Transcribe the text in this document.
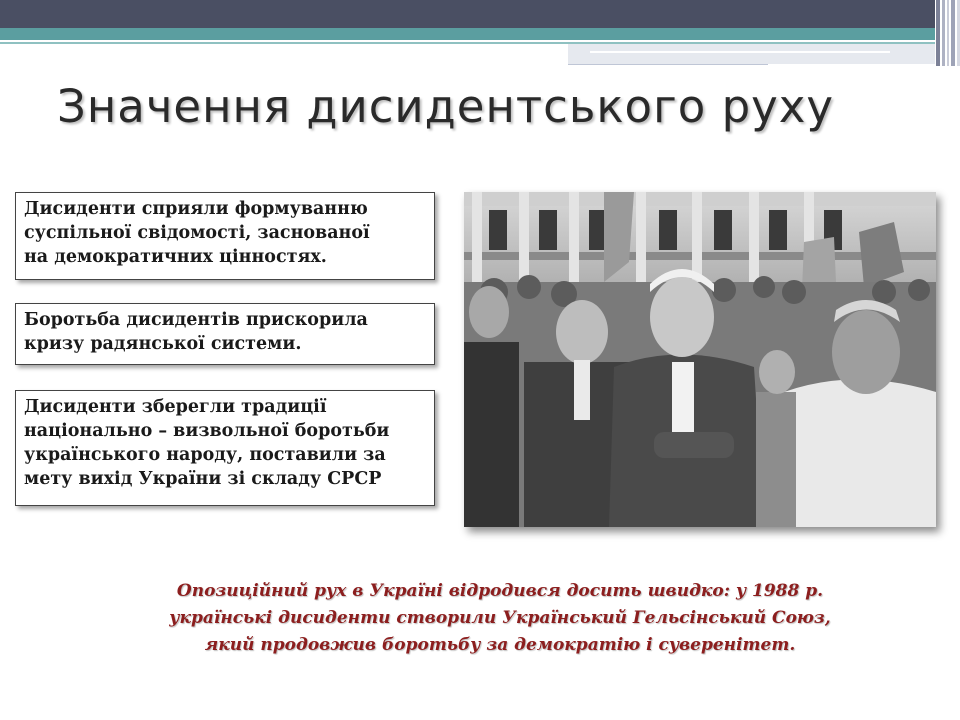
Значення дисидентського руху
Дисиденти сприяли формуванню
суспільної свідомості, заснованої
на демократичних цінностях.
Боротьба дисидентів прискорила
кризу радянської системи.
Дисиденти зберегли традиції
національно – визвольної боротьби
українського народу, поставили за
мету вихід України зі складу СРСР
Опозиційний рух в Україні відродився досить швидко: у 1988 р.
українські дисиденти створили Український Гельсінський Союз,
який продовжив боротьбу за демократію і суверенітет.
